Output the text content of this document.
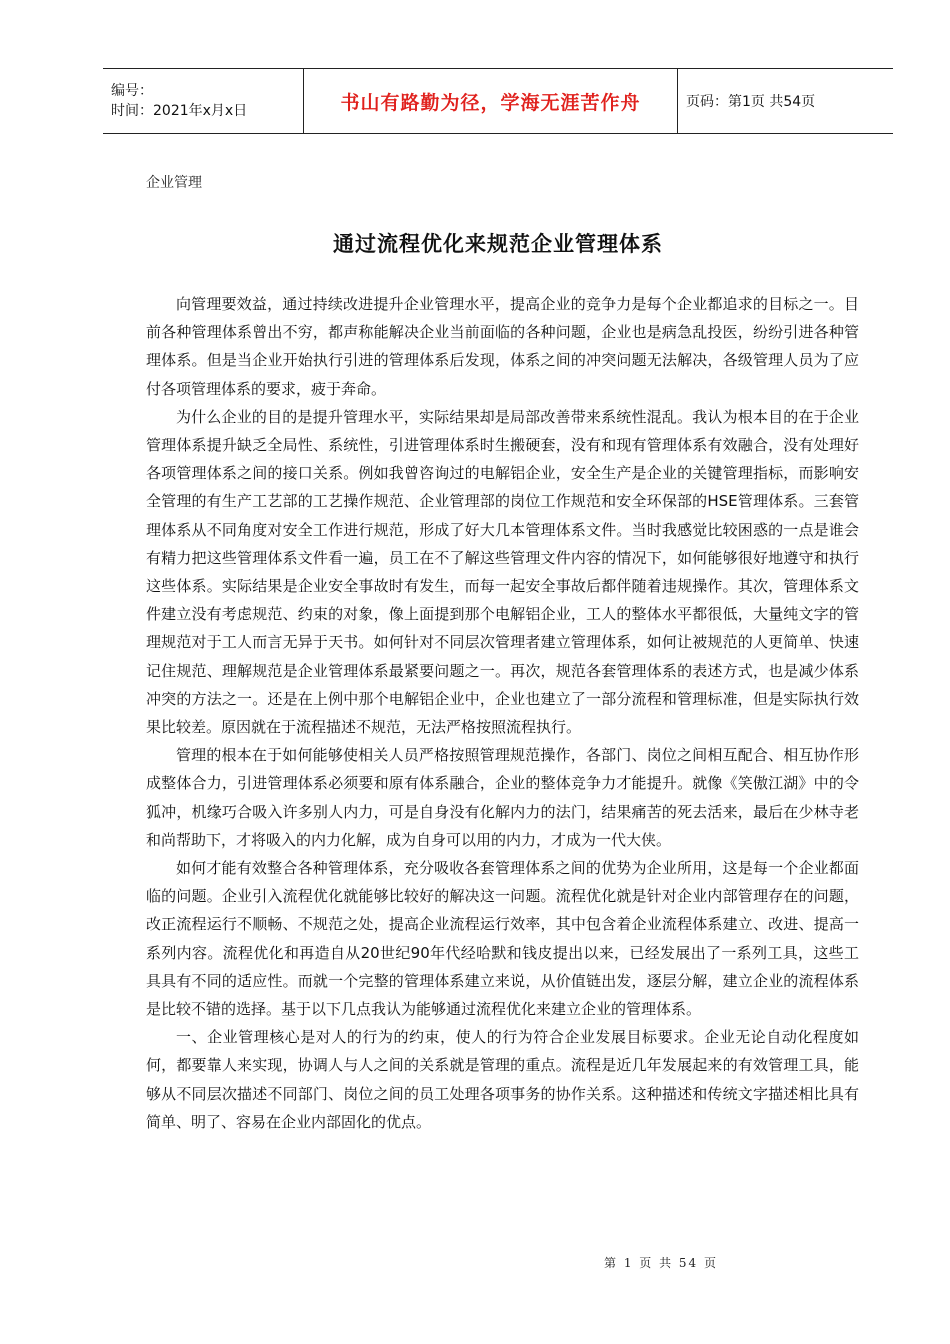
编号：
时间：2021年x月x日	书山有路勤为径，学海无涯苦作舟	页码：第1页 共54页
企业管理
通过流程优化来规范企业管理体系

向管理要效益，通过持续改进提升企业管理水平，提高企业的竞争力是每个企业都追求的目标之一。目前各种管理体系曾出不穷，都声称能解决企业当前面临的各种问题，企业也是病急乱投医，纷纷引进各种管理体系。但是当企业开始执行引进的管理体系后发现，体系之间的冲突问题无法解决，各级管理人员为了应付各项管理体系的要求，疲于奔命。

为什么企业的目的是提升管理水平，实际结果却是局部改善带来系统性混乱。我认为根本目的在于企业管理体系提升缺乏全局性、系统性，引进管理体系时生搬硬套，没有和现有管理体系有效融合，没有处理好各项管理体系之间的接口关系。例如我曾咨询过的电解铝企业，安全生产是企业的关键管理指标，而影响安全管理的有生产工艺部的工艺操作规范、企业管理部的岗位工作规范和安全环保部的HSE管理体系。三套管理体系从不同角度对安全工作进行规范，形成了好大几本管理体系文件。当时我感觉比较困惑的一点是谁会有精力把这些管理体系文件看一遍，员工在不了解这些管理文件内容的情况下，如何能够很好地遵守和执行这些体系。实际结果是企业安全事故时有发生，而每一起安全事故后都伴随着违规操作。其次，管理体系文件建立没有考虑规范、约束的对象，像上面提到那个电解铝企业，工人的整体水平都很低，大量纯文字的管理规范对于工人而言无异于天书。如何针对不同层次管理者建立管理体系，如何让被规范的人更简单、快速记住规范、理解规范是企业管理体系最紧要问题之一。再次，规范各套管理体系的表述方式，也是减少体系冲突的方法之一。还是在上例中那个电解铝企业中，企业也建立了一部分流程和管理标准，但是实际执行效果比较差。原因就在于流程描述不规范，无法严格按照流程执行。

管理的根本在于如何能够使相关人员严格按照管理规范操作，各部门、岗位之间相互配合、相互协作形成整体合力，引进管理体系必须要和原有体系融合，企业的整体竞争力才能提升。就像《笑傲江湖》中的令狐冲，机缘巧合吸入许多别人内力，可是自身没有化解内力的法门，结果痛苦的死去活来，最后在少林寺老和尚帮助下，才将吸入的内力化解，成为自身可以用的内力，才成为一代大侠。

如何才能有效整合各种管理体系，充分吸收各套管理体系之间的优势为企业所用，这是每一个企业都面临的问题。企业引入流程优化就能够比较好的解决这一问题。流程优化就是针对企业内部管理存在的问题，改正流程运行不顺畅、不规范之处，提高企业流程运行效率，其中包含着企业流程体系建立、改进、提高一系列内容。流程优化和再造自从20世纪90年代经哈默和钱皮提出以来，已经发展出了一系列工具，这些工具具有不同的适应性。而就一个完整的管理体系建立来说，从价值链出发，逐层分解，建立企业的流程体系是比较不错的选择。基于以下几点我认为能够通过流程优化来建立企业的管理体系。

一、企业管理核心是对人的行为的约束，使人的行为符合企业发展目标要求。企业无论自动化程度如何，都要靠人来实现，协调人与人之间的关系就是管理的重点。流程是近几年发展起来的有效管理工具，能够从不同层次描述不同部门、岗位之间的员工处理各项事务的协作关系。这种描述和传统文字描述相比具有简单、明了、容易在企业内部固化的优点。

第 1 页 共 54 页
